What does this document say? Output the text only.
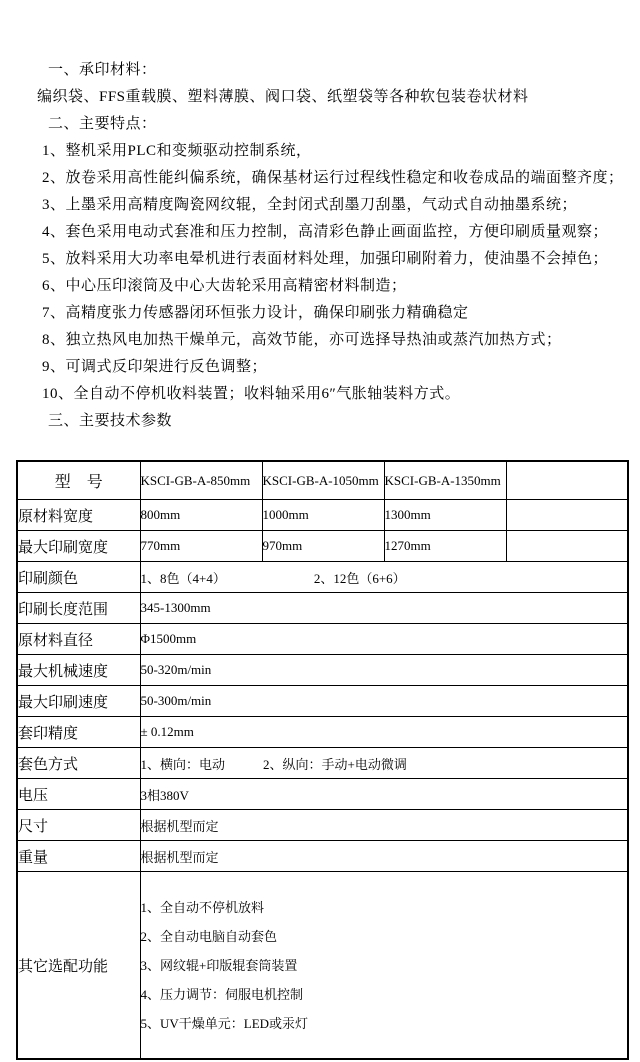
一、承印材料：
编织袋、FFS重载膜、塑料薄膜、阀口袋、纸塑袋等各种软包装卷状材料
二、主要特点：
1、整机采用PLC和变频驱动控制系统，
2、放卷采用高性能纠偏系统，确保基材运行过程线性稳定和收卷成品的端面整齐度；
3、上墨采用高精度陶瓷网纹辊，全封闭式刮墨刀刮墨，气动式自动抽墨系统；
4、套色采用电动式套准和压力控制，高清彩色静止画面监控，方便印刷质量观察；
5、放料采用大功率电晕机进行表面材料处理，加强印刷附着力，使油墨不会掉色；
6、中心压印滚筒及中心大齿轮采用高精密材料制造；
7、高精度张力传感器闭环恒张力设计，确保印刷张力精确稳定
8、独立热风电加热干燥单元，高效节能，亦可选择导热油或蒸汽加热方式；
9、可调式反印架进行反色调整；
10、全自动不停机收料装置；收料轴采用6″气胀轴装料方式。
三、主要技术参数
型　号	KSCI-GB-A-850mm	KSCI-GB-A-1050mm	KSCI-GB-A-1350mm	
原材料宽度	800mm	1000mm	1300mm	
最大印刷宽度	770mm	970mm	1270mm	
印刷颜色	1、8色（4+4） 2、12色（6+6）			
印刷长度范围	345-1300mm			
原材料直径	Φ1500mm			
最大机械速度	50-320m/min			
最大印刷速度	50-300m/min			
套印精度	± 0.12mm			
套色方式	1、横向：电动 2、纵向：手动+电动微调			
电压	3相380V			
尺寸	根据机型而定			
重量	根据机型而定			
其它选配功能	1、全自动不停机放料
2、全自动电脑自动套色
3、网纹辊+印版辊套筒装置
4、压力调节：伺服电机控制
5、UV干燥单元：LED或汞灯			
